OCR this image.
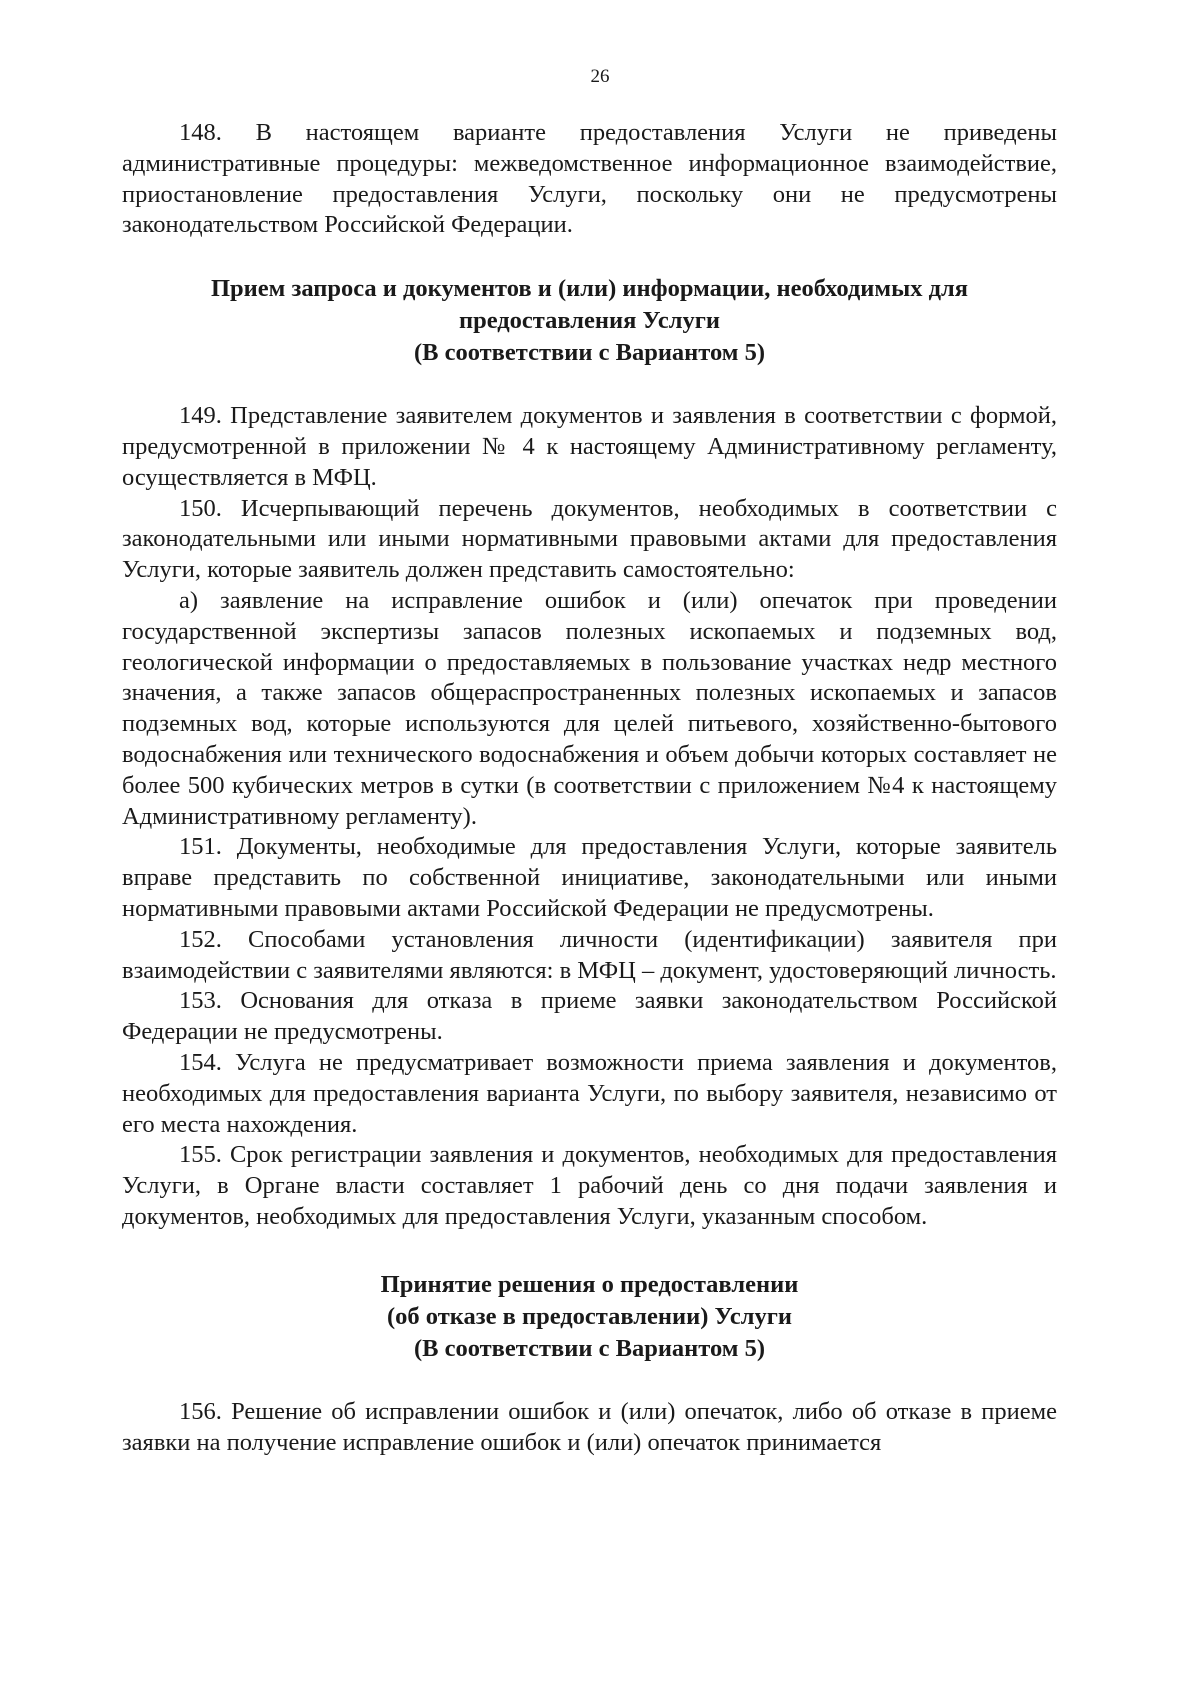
26

148. В настоящем варианте предоставления Услуги не приведены административные процедуры: межведомственное информационное взаимодействие, приостановление предоставления Услуги, поскольку они не предусмотрены законодательством Российской Федерации.

Прием запроса и документов и (или) информации, необходимых для
предоставления Услуги
(В соответствии с Вариантом 5)

149. Представление заявителем документов и заявления в соответствии с формой, предусмотренной в приложении № 4 к настоящему Административному регламенту, осуществляется в МФЦ.

150. Исчерпывающий перечень документов, необходимых в соответствии с законодательными или иными нормативными правовыми актами для предоставления Услуги, которые заявитель должен представить самостоятельно:

а) заявление на исправление ошибок и (или) опечаток при проведении государственной экспертизы запасов полезных ископаемых и подземных вод, геологической информации о предоставляемых в пользование участках недр местного значения, а также запасов общераспространенных полезных ископаемых и запасов подземных вод, которые используются для целей питьевого, хозяйственно-бытового водоснабжения или технического водоснабжения и объем добычи которых составляет не более 500 кубических метров в сутки (в соответствии с приложением №4 к настоящему Административному регламенту).

151. Документы, необходимые для предоставления Услуги, которые заявитель вправе представить по собственной инициативе, законодательными или иными нормативными правовыми актами Российской Федерации не предусмотрены.

152. Способами установления личности (идентификации) заявителя при взаимодействии с заявителями являются: в МФЦ – документ, удостоверяющий личность.

153. Основания для отказа в приеме заявки законодательством Российской Федерации не предусмотрены.

154. Услуга не предусматривает возможности приема заявления и документов, необходимых для предоставления варианта Услуги, по выбору заявителя, независимо от его места нахождения.

155. Срок регистрации заявления и документов, необходимых для предоставления Услуги, в Органе власти составляет 1 рабочий день со дня подачи заявления и документов, необходимых для предоставления Услуги, указанным способом.

Принятие решения о предоставлении
(об отказе в предоставлении) Услуги
(В соответствии с Вариантом 5)

156. Решение об исправлении ошибок и (или) опечаток, либо об отказе в приеме заявки на получение исправление ошибок и (или) опечаток принимается
